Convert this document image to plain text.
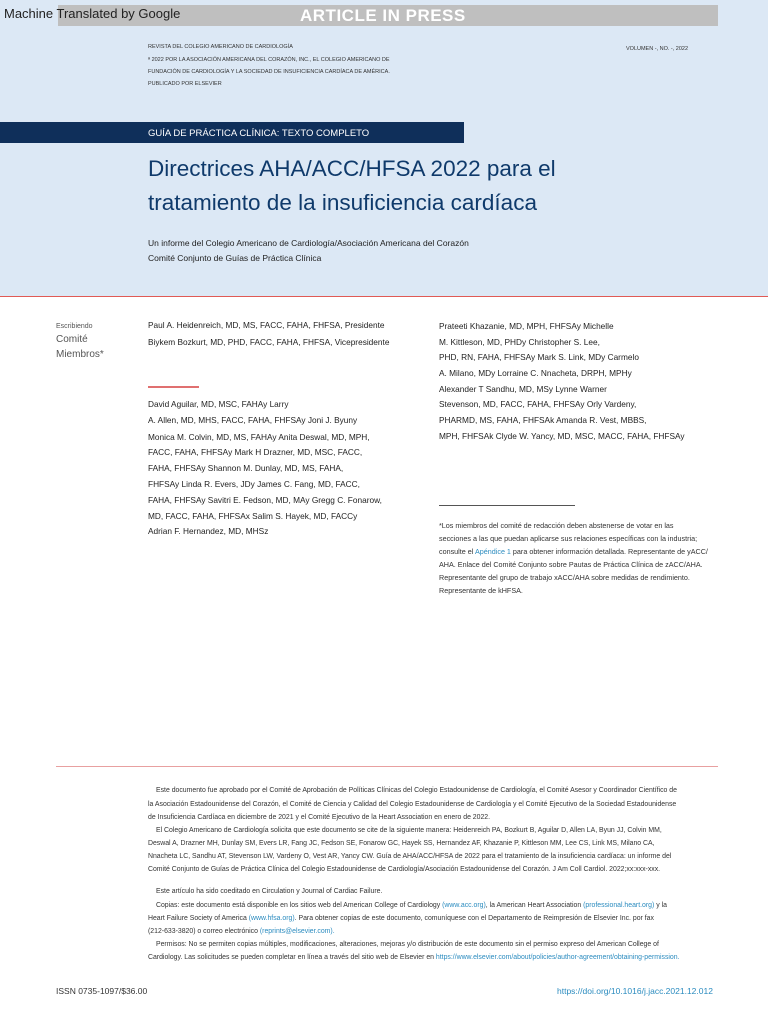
Machine Translated by Google	ARTICLE IN PRESS
REVISTA DEL COLEGIO AMERICANO DE CARDIOLOGÍA	VOLUMEN -, NO. -, 2022
ª 2022 POR LA ASOCIACIÓN AMERICANA DEL CORAZÓN, INC., EL COLEGIO AMERICANO DE
FUNDACIÓN DE CARDIOLOGÍA Y LA SOCIEDAD DE INSUFICIENCIA CARDÍACA DE AMÉRICA.
PUBLICADO POR ELSEVIER
GUÍA DE PRÁCTICA CLÍNICA: TEXTO COMPLETO
Directrices AHA/ACC/HFSA 2022 para el
tratamiento de la insuficiencia cardíaca
Un informe del Colegio Americano de Cardiología/Asociación Americana del Corazón
Comité Conjunto de Guías de Práctica Clínica
Escribiendo
Comité
Miembros*
Paul A. Heidenreich, MD, MS, FACC, FAHA, FHFSA, Presidente
Biykem Bozkurt, MD, PHD, FACC, FAHA, FHFSA, Vicepresidente
David Aguilar, MD, MSC, FAHAy Larry
A. Allen, MD, MHS, FACC, FAHA, FHFSAy Joni J. Byuny
Monica M. Colvin, MD, MS, FAHAy Anita Deswal, MD, MPH,
FACC, FAHA, FHFSAy Mark H Drazner, MD, MSC, FACC,
FAHA, FHFSAy Shannon M. Dunlay, MD, MS, FAHA,
FHFSAy Linda R. Evers, JDy James C. Fang, MD, FACC,
FAHA, FHFSAy Savitri E. Fedson, MD, MAy Gregg C. Fonarow,
MD, FACC, FAHA, FHFSAx Salim S. Hayek, MD, FACCy
Adrian F. Hernandez, MD, MHSz
Prateeti Khazanie, MD, MPH, FHFSAy Michelle
M. Kittleson, MD, PHDy Christopher S. Lee,
PHD, RN, FAHA, FHFSAy Mark S. Link, MDy Carmelo
A. Milano, MDy Lorraine C. Nnacheta, DRPH, MPHy
Alexander T Sandhu, MD, MSy Lynne Warner
Stevenson, MD, FACC, FAHA, FHFSAy Orly Vardeny,
PHARMD, MS, FAHA, FHFSAk Amanda R. Vest, MBBS,
MPH, FHFSAk Clyde W. Yancy, MD, MSC, MACC, FAHA, FHFSAy
*Los miembros del comité de redacción deben abstenerse de votar en las
secciones a las que puedan aplicarse sus relaciones específicas con la industria;
consulte el Apéndice 1 para obtener información detallada. Representante de yACC/
AHA. Enlace del Comité Conjunto sobre Pautas de Práctica Clínica de zACC/AHA.
Representante del grupo de trabajo xACC/AHA sobre medidas de rendimiento.
Representante de kHFSA.
Este documento fue aprobado por el Comité de Aprobación de Políticas Clínicas del Colegio Estadounidense de Cardiología, el Comité Asesor y Coordinador Científico de
la Asociación Estadounidense del Corazón, el Comité de Ciencia y Calidad del Colegio Estadounidense de Cardiología y el Comité Ejecutivo de la Sociedad Estadounidense
de Insuficiencia Cardíaca en diciembre de 2021 y el Comité Ejecutivo de la Heart Association en enero de 2022.
El Colegio Americano de Cardiología solicita que este documento se cite de la siguiente manera: Heidenreich PA, Bozkurt B, Aguilar D, Allen LA, Byun JJ, Colvin MM,
Deswal A, Drazner MH, Dunlay SM, Evers LR, Fang JC, Fedson SE, Fonarow GC, Hayek SS, Hernandez AF, Khazanie P, Kittleson MM, Lee CS, Link MS, Milano CA,
Nnacheta LC, Sandhu AT, Stevenson LW, Vardeny O, Vest AR, Yancy CW. Guía de AHA/ACC/HFSA de 2022 para el tratamiento de la insuficiencia cardíaca: un informe del
Comité Conjunto de Guías de Práctica Clínica del Colegio Estadounidense de Cardiología/Asociación Estadounidense del Corazón. J Am Coll Cardiol. 2022;xx:xxx-xxx.
Este artículo ha sido coeditado en Circulation y Journal of Cardiac Failure.
Copias: este documento está disponible en los sitios web del American College of Cardiology (www.acc.org), la American Heart Association (professional.heart.org) y la
Heart Failure Society of America (www.hfsa.org). Para obtener copias de este documento, comuníquese con el Departamento de Reimpresión de Elsevier Inc. por fax
(212-633-3820) o correo electrónico (reprints@elsevier.com).
Permisos: No se permiten copias múltiples, modificaciones, alteraciones, mejoras y/o distribución de este documento sin el permiso expreso del American College of
Cardiology. Las solicitudes se pueden completar en línea a través del sitio web de Elsevier en https://www.elsevier.com/about/policies/author-agreement/obtaining-permission.
ISSN 0735-1097/$36.00	https://doi.org/10.1016/j.jacc.2021.12.012
